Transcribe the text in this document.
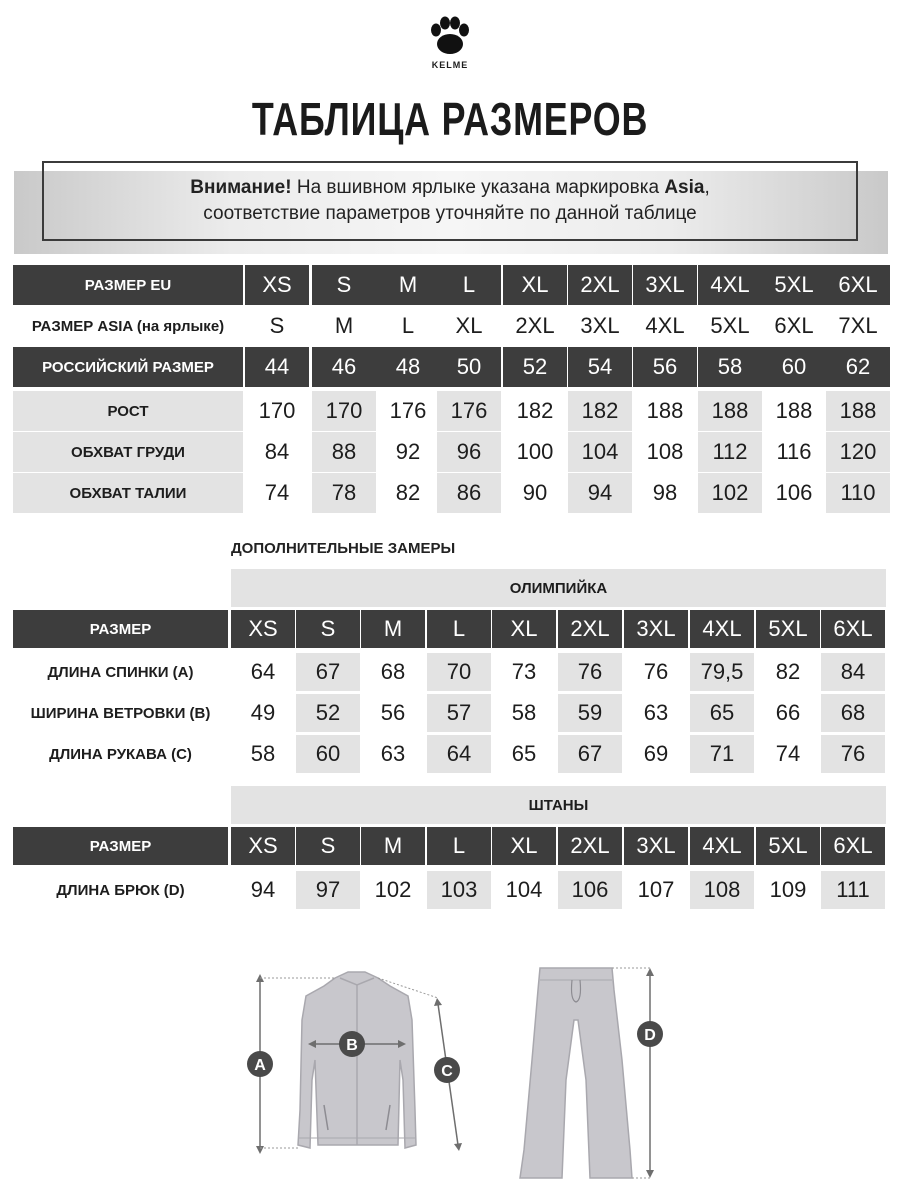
KELME
ТАБЛИЦА РАЗМЕРОВ
Внимание! На вшивном ярлыке указана маркировка Asia,
соответствие параметров уточняйте по данной таблице
РАЗМЕР EU	XS	S	M	L	XL	2XL	3XL	4XL	5XL	6XL
РАЗМЕР ASIA (на ярлыке)	S	M	L	XL	2XL	3XL	4XL	5XL	6XL	7XL
РОССИЙСКИЙ РАЗМЕР	44	46	48	50	52	54	56	58	60	62
РОСТ	170	170	176	176	182	182	188	188	188	188
ОБХВАТ ГРУДИ	84	88	92	96	100	104	108	112	116	120
ОБХВАТ ТАЛИИ	74	78	82	86	90	94	98	102	106	110
ДОПОЛНИТЕЛЬНЫЕ ЗАМЕРЫ
ОЛИМПИЙКА
РАЗМЕР	XS	S	M	L	XL	2XL	3XL	4XL	5XL	6XL
ДЛИНА СПИНКИ (A)	64	67	68	70	73	76	76	79,5	82	84
ШИРИНА ВЕТРОВКИ (B)	49	52	56	57	58	59	63	65	66	68
ДЛИНА РУКАВА (C)	58	60	63	64	65	67	69	71	74	76
ШТАНЫ
РАЗМЕР	XS	S	M	L	XL	2XL	3XL	4XL	5XL	6XL
ДЛИНА БРЮК (D)	94	97	102	103	104	106	107	108	109	111
A
B
C
D
